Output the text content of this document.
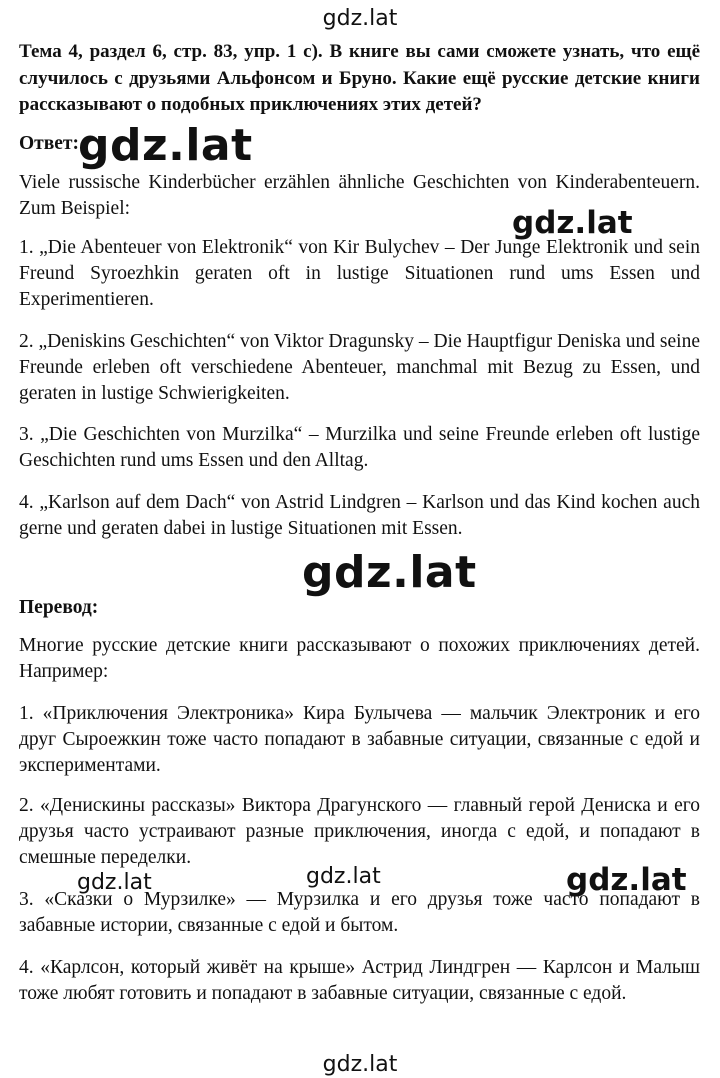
gdz.lat
Тема 4, раздел 6, стр. 83, упр. 1 с). В книге вы сами сможете узнать, что ещё случилось с друзьями Альфонсом и Бруно. Какие ещё русские детские книги рассказывают о подобных приключениях этих детей?
Ответ:
Viele russische Kinderbücher erzählen ähnliche Geschichten von Kinderabenteuern. Zum Beispiel:
1. „Die Abenteuer von Elektronik“ von Kir Bulychev – Der Junge Elektronik und sein Freund Syroezhkin geraten oft in lustige Situationen rund ums Essen und Experimentieren.
2. „Deniskins Geschichten“ von Viktor Dragunsky – Die Hauptfigur Deniska und seine Freunde erleben oft verschiedene Abenteuer, manchmal mit Bezug zu Essen, und geraten in lustige Schwierigkeiten.
3. „Die Geschichten von Murzilka“ – Murzilka und seine Freunde erleben oft lustige Geschichten rund ums Essen und den Alltag.
4. „Karlson auf dem Dach“ von Astrid Lindgren – Karlson und das Kind kochen auch gerne und geraten dabei in lustige Situationen mit Essen.
Перевод:
Многие русские детские книги рассказывают о похожих приключениях детей. Например:
1. «Приключения Электроника» Кира Булычева — мальчик Электроник и его друг Сыроежкин тоже часто попадают в забавные ситуации, связанные с едой и экспериментами.
2. «Денискины рассказы» Виктора Драгунского — главный герой Дениска и его друзья часто устраивают разные приключения, иногда с едой, и попадают в смешные переделки.
3. «Сказки о Мурзилке» — Мурзилка и его друзья тоже часто попадают в забавные истории, связанные с едой и бытом.
4. «Карлсон, который живёт на крыше» Астрид Линдгрен — Карлсон и Малыш тоже любят готовить и попадают в забавные ситуации, связанные с едой.
gdz.lat
gdz.lat
gdz.lat
gdz.lat	gdz.lat	gdz.lat
gdz.lat
